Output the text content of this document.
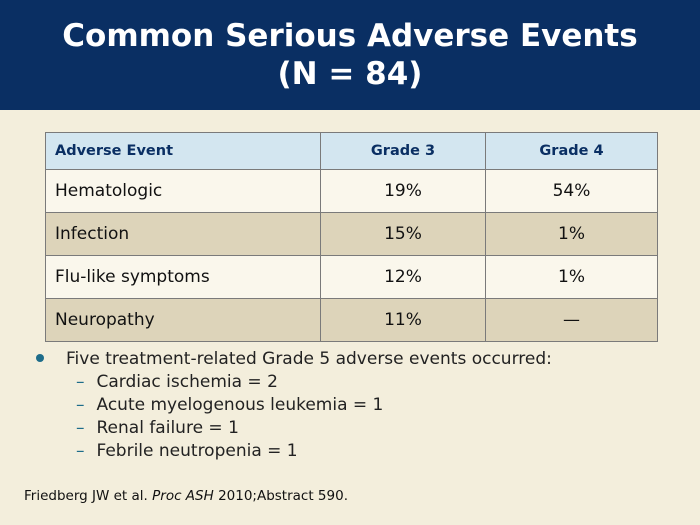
Common Serious Adverse Events
(N = 84)
Adverse Event	Grade 3	Grade 4
Hematologic	19%	54%
Infection	15%	1%
Flu-like symptoms	12%	1%
Neuropathy	11%	—
Five treatment-related Grade 5 adverse events occurred:
– Cardiac ischemia = 2
– Acute myelogenous leukemia = 1
– Renal failure = 1
– Febrile neutropenia = 1
Friedberg JW et al. Proc ASH 2010;Abstract 590.
